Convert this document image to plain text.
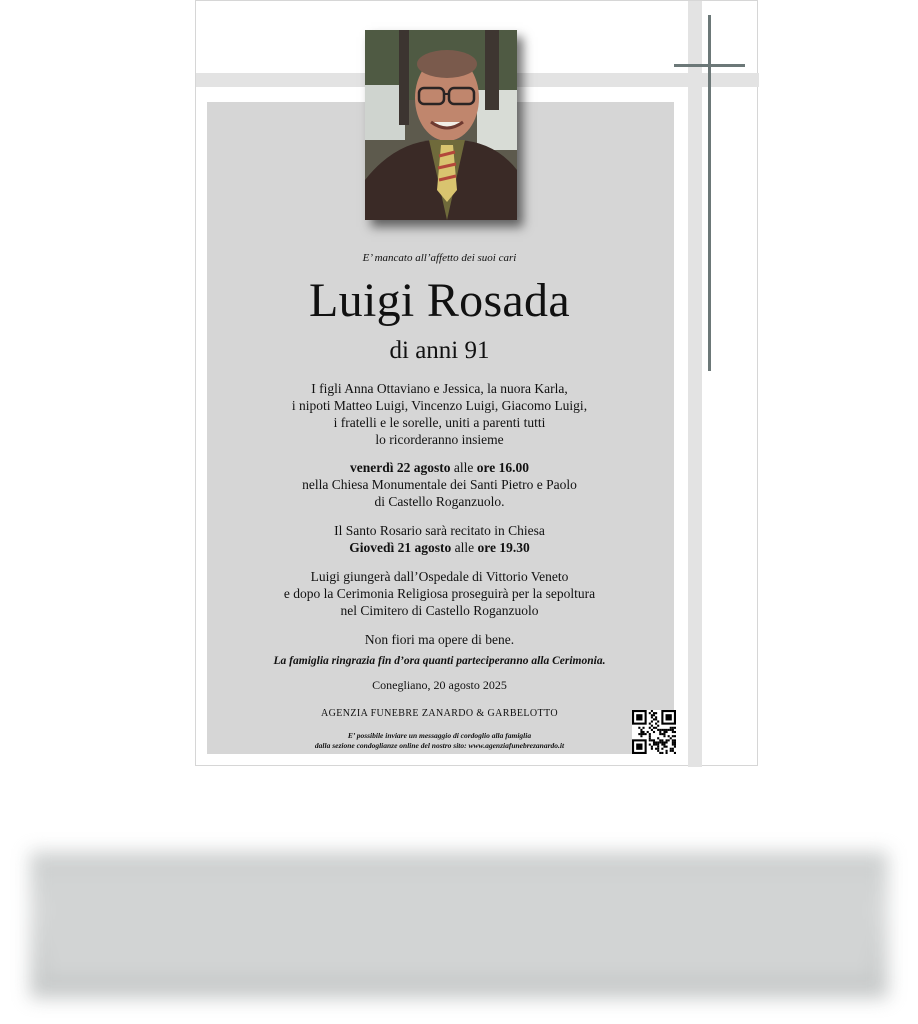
E’ mancato all’affetto dei suoi cari

Luigi Rosada

di anni 91

I figli Anna Ottaviano e Jessica, la nuora Karla,
i nipoti Matteo Luigi, Vincenzo Luigi, Giacomo Luigi,
i fratelli e le sorelle, uniti a parenti tutti
lo ricorderanno insieme
venerdì 22 agosto alle ore 16.00
nella Chiesa Monumentale dei Santi Pietro e Paolo
di Castello Roganzuolo.
Il Santo Rosario sarà recitato in Chiesa
Giovedì 21 agosto alle ore 19.30
Luigi giungerà dall’Ospedale di Vittorio Veneto
e dopo la Cerimonia Religiosa proseguirà per la sepoltura
nel Cimitero di Castello Roganzuolo

Non fiori ma opere di bene.

La famiglia ringrazia fin d’ora quanti parteciperanno alla Cerimonia.

Conegliano, 20 agosto 2025

AGENZIA FUNEBRE ZANARDO & GARBELOTTO

E’ possibile inviare un messaggio di cordoglio alla famiglia
dalla sezione condoglianze online del nostro sito: www.agenziafunebrezanardo.it
